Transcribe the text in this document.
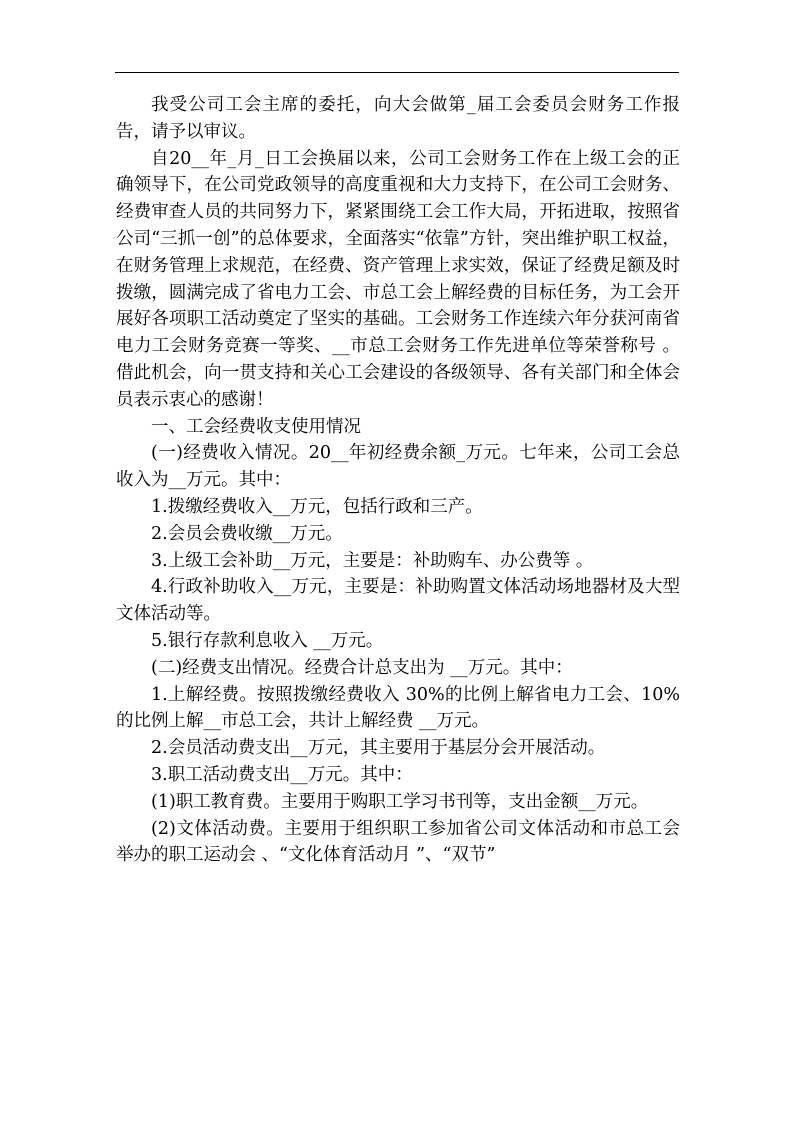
我受公司工会主席的委托，向大会做第_届工会委员会财务工作报告，请予以审议。

自20__年_月_日工会换届以来，公司工会财务工作在上级工会的正确领导下，在公司党政领导的高度重视和大力支持下，在公司工会财务、经费审查人员的共同努力下，紧紧围绕工会工作大局，开拓进取，按照省公司“三抓一创”的总体要求，全面落实“依靠”方针，突出维护职工权益，在财务管理上求规范，在经费、资产管理上求实效，保证了经费足额及时拨缴，圆满完成了省电力工会、市总工会上解经费的目标任务，为工会开展好各项职工活动奠定了坚实的基础。工会财务工作连续六年分获河南省电力工会财务竞赛一等奖、__市总工会财务工作先进单位等荣誉称号 。借此机会，向一贯支持和关心工会建设的各级领导、各有关部门和全体会员表示衷心的感谢！

一、工会经费收支使用情况

(一)经费收入情况。20__年初经费余额_万元。七年来，公司工会总收入为__万元。其中：

1.拨缴经费收入__万元，包括行政和三产。

2.会员会费收缴__万元。

3.上级工会补助__万元，主要是：补助购车、办公费等 。

4.行政补助收入__万元，主要是：补助购置文体活动场地器材及大型文体活动等。

5.银行存款利息收入 __万元。

(二)经费支出情况。经费合计总支出为 __万元。其中：

1.上解经费。按照拨缴经费收入 30%的比例上解省电力工会、10%的比例上解__市总工会，共计上解经费 __万元。

2.会员活动费支出__万元，其主要用于基层分会开展活动。

3.职工活动费支出__万元。其中：

(1)职工教育费。主要用于购职工学习书刊等，支出金额__万元。

(2)文体活动费。主要用于组织职工参加省公司文体活动和市总工会举办的职工运动会 、“文化体育活动月 ”、“双节”
